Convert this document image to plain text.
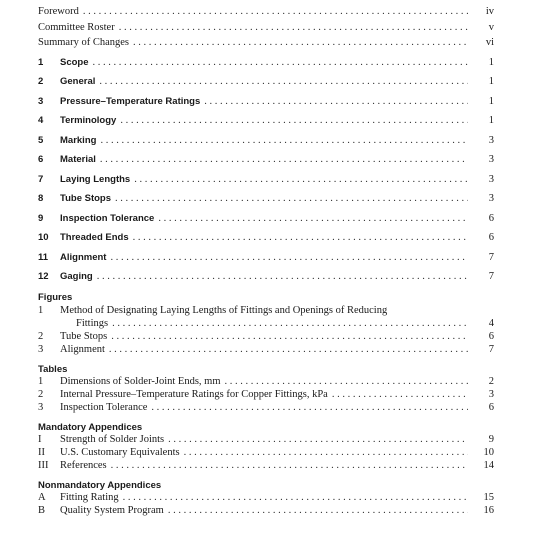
Foreword . . .	iv
Committee Roster . . .	v
Summary of Changes . . .	vi
1	Scope . . .	1
2	General . . .	1
3	Pressure–Temperature Ratings . . .	1
4	Terminology . . .	1
5	Marking . . .	3
6	Material . . .	3
7	Laying Lengths . . .	3
8	Tube Stops . . .	3
9	Inspection Tolerance . . .	6
10	Threaded Ends . . .	6
11	Alignment . . .	7
12	Gaging . . .	7
Figures
1	Method of Designating Laying Lengths of Fittings and Openings of Reducing
Fittings . . .	4
2	Tube Stops . . .	6
3	Alignment . . .	7
Tables
1	Dimensions of Solder-Joint Ends, mm . . .	2
2	Internal Pressure–Temperature Ratings for Copper Fittings, kPa . . .	3
3	Inspection Tolerance . . .	6
Mandatory Appendices
I	Strength of Solder Joints . . .	9
II	U.S. Customary Equivalents . . .	10
III	References . . .	14
Nonmandatory Appendices
A	Fitting Rating . . .	15
B	Quality System Program . . .	16
